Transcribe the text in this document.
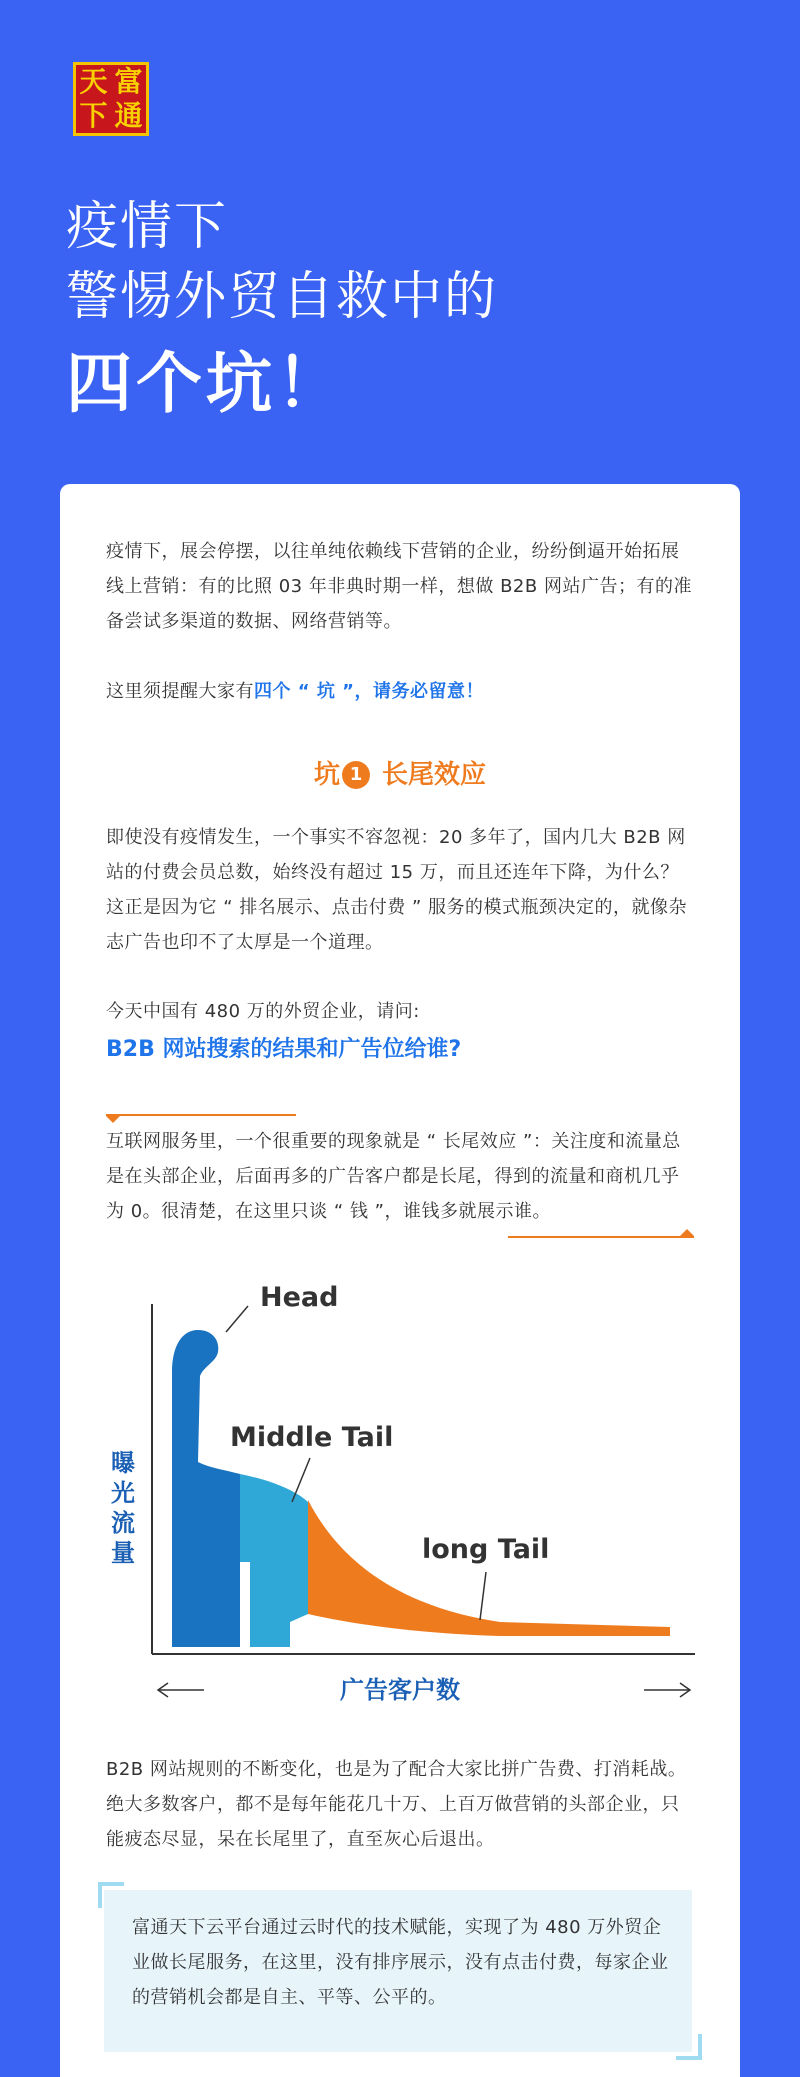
天 富
下 通
疫情下
警惕外贸自救中的
四个坑！
疫情下，展会停摆，以往单纯依赖线下营销的企业，纷纷倒逼开始拓展线上营销：有的比照 03 年非典时期一样，想做 B2B 网站广告；有的准备尝试多渠道的数据、网络营销等。
这里须提醒大家有四个 “ 坑 ”，请务必留意！
坑 1 长尾效应
即使没有疫情发生，一个事实不容忽视：20 多年了，国内几大 B2B 网站的付费会员总数，始终没有超过 15 万，而且还连年下降，为什么？这正是因为它 “ 排名展示、点击付费 ” 服务的模式瓶颈决定的，就像杂志广告也印不了太厚是一个道理。
今天中国有 480 万的外贸企业，请问:
B2B 网站搜索的结果和广告位给谁?
互联网服务里，一个很重要的现象就是 “ 长尾效应 ”：关注度和流量总是在头部企业，后面再多的广告客户都是长尾，得到的流量和商机几乎为 0。很清楚，在这里只谈 “ 钱 ”，谁钱多就展示谁。
Head
Middle Tail
long Tail
曝光流量
广告客户数
B2B 网站规则的不断变化，也是为了配合大家比拼广告费、打消耗战。绝大多数客户，都不是每年能花几十万、上百万做营销的头部企业，只能疲态尽显，呆在长尾里了，直至灰心后退出。
富通天下云平台通过云时代的技术赋能，实现了为 480 万外贸企业做长尾服务，在这里，没有排序展示，没有点击付费，每家企业的营销机会都是自主、平等、公平的。
